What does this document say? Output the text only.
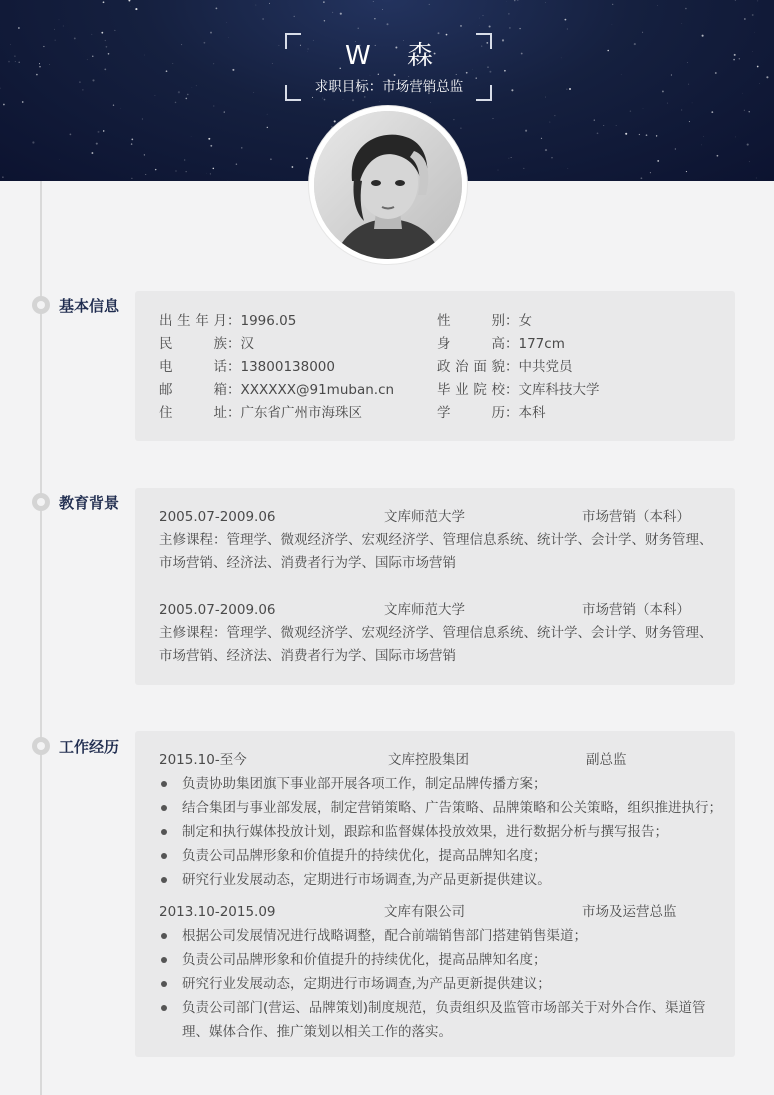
W 森
求职目标：市场营销总监
基本信息
出生年月：1996.05
民族：汉
电话：13800138000
邮箱：XXXXXX@91muban.cn
住址：广东省广州市海珠区
性别：女
身高：177cm
政治面貌：中共党员
毕业院校：文库科技大学
学历：本科
教育背景
2005.07-2009.06	文库师范大学	市场营销（本科）
主修课程：管理学、微观经济学、宏观经济学、管理信息系统、统计学、会计学、财务管理、
市场营销、经济法、消费者行为学、国际市场营销
2005.07-2009.06	文库师范大学	市场营销（本科）
主修课程：管理学、微观经济学、宏观经济学、管理信息系统、统计学、会计学、财务管理、
市场营销、经济法、消费者行为学、国际市场营销
工作经历
2015.10-至今	文库控股集团	副总监
负责协助集团旗下事业部开展各项工作，制定品牌传播方案；
结合集团与事业部发展，制定营销策略、广告策略、品牌策略和公关策略，组织推进执行；
制定和执行媒体投放计划，跟踪和监督媒体投放效果，进行数据分析与撰写报告；
负责公司品牌形象和价值提升的持续优化，提高品牌知名度；
研究行业发展动态，定期进行市场调查,为产品更新提供建议。
2013.10-2015.09	文库有限公司	市场及运营总监
根据公司发展情况进行战略调整，配合前端销售部门搭建销售渠道；
负责公司品牌形象和价值提升的持续优化，提高品牌知名度；
研究行业发展动态，定期进行市场调查,为产品更新提供建议；
负责公司部门(营运、品牌策划)制度规范，负责组织及监管市场部关于对外合作、渠道管理、媒体合作、推广策划以相关工作的落实。
